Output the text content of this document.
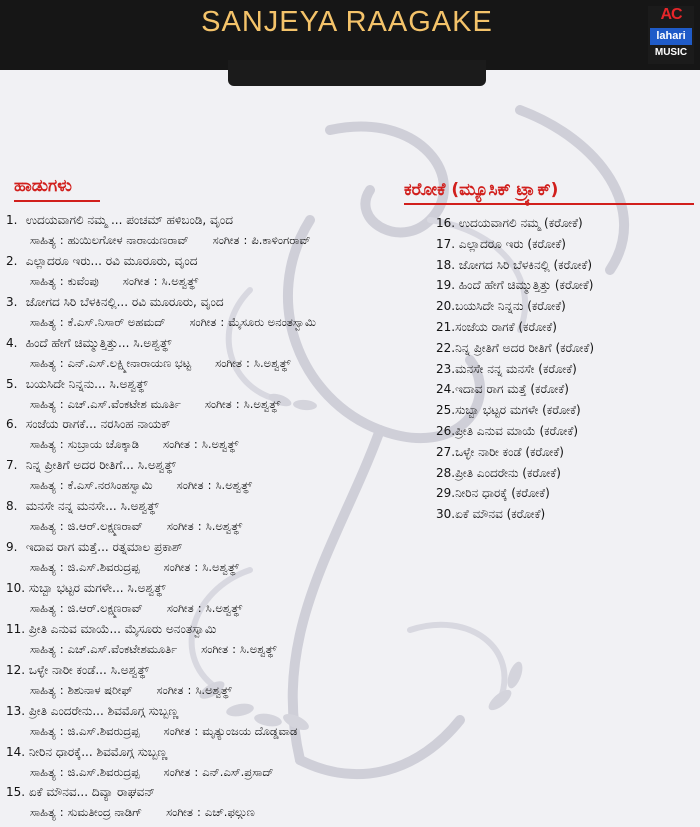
SANJEYA RAAGAKE	AC
lahari
MUSIC
ಹಾಡುಗಳು	ಕರೋಕೆ (ಮ್ಯೂಸಿಕ್ ಟ್ರ್ಯಾಕ್)
1. ಉದಯವಾಗಲಿ ನಮ್ಮ ... ಪಂಚಮ್ ಹಳಿಬಂಡಿ, ವೃಂದ
ಸಾಹಿತ್ಯ : ಹುಯಿಲಗೋಳ ನಾರಾಯಣರಾವ್ ಸಂಗೀತ : ಪಿ.ಕಾಳಿಂಗರಾವ್
2. ಎಲ್ಲಾದರೂ ಇರು... ರವಿ ಮೂರೂರು, ವೃಂದ
ಸಾಹಿತ್ಯ : ಕುವೆಂಪು ಸಂಗೀತ : ಸಿ.ಅಶ್ವತ್ಥ್
3. ಜೋಗದ ಸಿರಿ ಬೆಳಕಿನಲ್ಲಿ... ರವಿ ಮೂರೂರು, ವೃಂದ
ಸಾಹಿತ್ಯ : ಕೆ.ಎಸ್.ನಿಸಾರ್ ಅಹಮದ್ ಸಂಗೀತ : ಮೈಸೂರು ಅನಂತಸ್ವಾಮಿ
4. ಹಿಂದೆ ಹೇಗೆ ಚಿಮ್ಮುತ್ತಿತ್ತು... ಸಿ.ಅಶ್ವತ್ಥ್
ಸಾಹಿತ್ಯ : ಎನ್.ಎಸ್.ಲಕ್ಷ್ಮೀನಾರಾಯಣ ಭಟ್ಟ ಸಂಗೀತ : ಸಿ.ಅಶ್ವತ್ಥ್
5. ಬಯಸಿದೇ ನಿನ್ನನು... ಸಿ.ಅಶ್ವತ್ಥ್
ಸಾಹಿತ್ಯ : ಎಚ್.ಎಸ್.ವೆಂಕಟೇಶ ಮೂರ್ತಿ ಸಂಗೀತ : ಸಿ.ಅಶ್ವತ್ಥ್
6. ಸಂಜೆಯ ರಾಗಕೆ... ನರಸಿಂಹ ನಾಯಕ್
ಸಾಹಿತ್ಯ : ಸುಬ್ರಾಯ ಚೊಕ್ಕಾಡಿ ಸಂಗೀತ : ಸಿ.ಅಶ್ವತ್ಥ್
7. ನಿನ್ನ ಪ್ರೀತಿಗೆ ಅದರ ರೀತಿಗೆ... ಸಿ.ಅಶ್ವತ್ಥ್
ಸಾಹಿತ್ಯ : ಕೆ.ಎಸ್.ನರಸಿಂಹಸ್ವಾಮಿ ಸಂಗೀತ : ಸಿ.ಅಶ್ವತ್ಥ್
8. ಮನಸೇ ನನ್ನ ಮನಸೇ... ಸಿ.ಅಶ್ವತ್ಥ್
ಸಾಹಿತ್ಯ : ಜಿ.ಆರ್.ಲಕ್ಷ್ಮಣರಾವ್ ಸಂಗೀತ : ಸಿ.ಅಶ್ವತ್ಥ್
9. ಇದಾವ ರಾಗ ಮತ್ತೆ... ರತ್ನಮಾಲ ಪ್ರಕಾಶ್
ಸಾಹಿತ್ಯ : ಜಿ.ಎಸ್.ಶಿವರುದ್ರಪ್ಪ ಸಂಗೀತ : ಸಿ.ಅಶ್ವತ್ಥ್
10. ಸುಬ್ಬಾ ಭಟ್ಟರ ಮಗಳೇ... ಸಿ.ಅಶ್ವತ್ಥ್
ಸಾಹಿತ್ಯ : ಜಿ.ಆರ್.ಲಕ್ಷ್ಮಣರಾವ್ ಸಂಗೀತ : ಸಿ.ಅಶ್ವತ್ಥ್
11. ಪ್ರೀತಿ ಎನುವ ಮಾಯೆ... ಮೈಸೂರು ಅನಂತಸ್ವಾಮಿ
ಸಾಹಿತ್ಯ : ಎಚ್.ಎಸ್.ವೆಂಕಟೇಶಮೂರ್ತಿ ಸಂಗೀತ : ಸಿ.ಅಶ್ವತ್ಥ್
12. ಒಳ್ಳೇ ನಾರೀ ಕಂಡೆ... ಸಿ.ಅಶ್ವತ್ಥ್
ಸಾಹಿತ್ಯ : ಶಿಶುನಾಳ ಷರೀಫ್ ಸಂಗೀತ : ಸಿ.ಅಶ್ವತ್ಥ್
13. ಪ್ರೀತಿ ಎಂದರೇನು... ಶಿವಮೊಗ್ಗ ಸುಬ್ಬಣ್ಣ
ಸಾಹಿತ್ಯ : ಜಿ.ಎಸ್.ಶಿವರುದ್ರಪ್ಪ ಸಂಗೀತ : ಮೃತ್ಯುಂಜಯ ದೊಡ್ಡವಾಡ
14. ನೀರಿನ ಧಾರಕ್ಕೆ... ಶಿವಮೊಗ್ಗ ಸುಬ್ಬಣ್ಣ
ಸಾಹಿತ್ಯ : ಜಿ.ಎಸ್.ಶಿವರುದ್ರಪ್ಪ ಸಂಗೀತ : ಎನ್.ಎಸ್.ಪ್ರಸಾದ್
15. ಏಕೆ ಮೌನವ... ದಿವ್ಯಾ ರಾಘವನ್
ಸಾಹಿತ್ಯ : ಸುಮತೀಂದ್ರ ನಾಡಿಗ್ ಸಂಗೀತ : ಎಚ್.ಫಲ್ಗುಣ
16. ಉದಯವಾಗಲಿ ನಮ್ಮ (ಕರೋಕೆ)
17. ಎಲ್ಲಾದರೂ ಇರು (ಕರೋಕೆ)
18. ಜೋಗದ ಸಿರಿ ಬೆಳಕಿನಲ್ಲಿ (ಕರೋಕೆ)
19. ಹಿಂದೆ ಹೇಗೆ ಚಿಮ್ಮುತ್ತಿತ್ತು (ಕರೋಕೆ)
20.ಬಯಸಿದೇ ನಿನ್ನನು (ಕರೋಕೆ)
21.ಸಂಜೆಯ ರಾಗಕೆ (ಕರೋಕೆ)
22.ನಿನ್ನ ಪ್ರೀತಿಗೆ ಅದರ ರೀತಿಗೆ (ಕರೋಕೆ)
23.ಮನಸೇ ನನ್ನ ಮನಸೇ (ಕರೋಕೆ)
24.ಇದಾವ ರಾಗ ಮತ್ತೆ (ಕರೋಕೆ)
25.ಸುಬ್ಬಾ ಭಟ್ಟರ ಮಗಳೇ (ಕರೋಕೆ)
26.ಪ್ರೀತಿ ಎನುವ ಮಾಯೆ (ಕರೋಕೆ)
27.ಒಳ್ಳೇ ನಾರೀ ಕಂಡೆ (ಕರೋಕೆ)
28.ಪ್ರೀತಿ ಎಂದರೇನು (ಕರೋಕೆ)
29.ನೀರಿನ ಧಾರಕ್ಕೆ (ಕರೋಕೆ)
30.ಏಕೆ ಮೌನವ (ಕರೋಕೆ)
